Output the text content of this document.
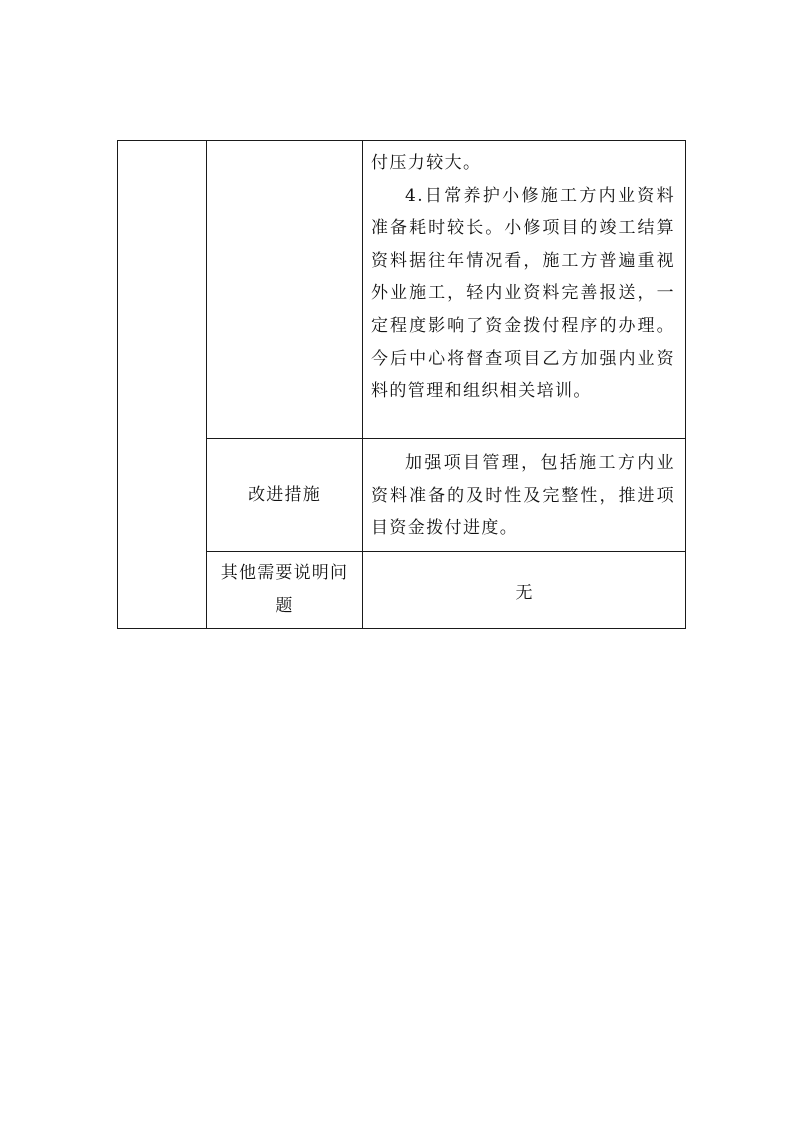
		付压力较大。

4.日常养护小修施工方内业资料准备耗时较长。小修项目的竣工结算资料据往年情况看，施工方普遍重视外业施工，轻内业资料完善报送，一定程度影响了资金拨付程序的办理。今后中心将督查项目乙方加强内业资料的管理和组织相关培训。

	改进措施	加强项目管理，包括施工方内业资料准备的及时性及完整性，推进项目资金拨付进度。

	其他需要说明问题	无
